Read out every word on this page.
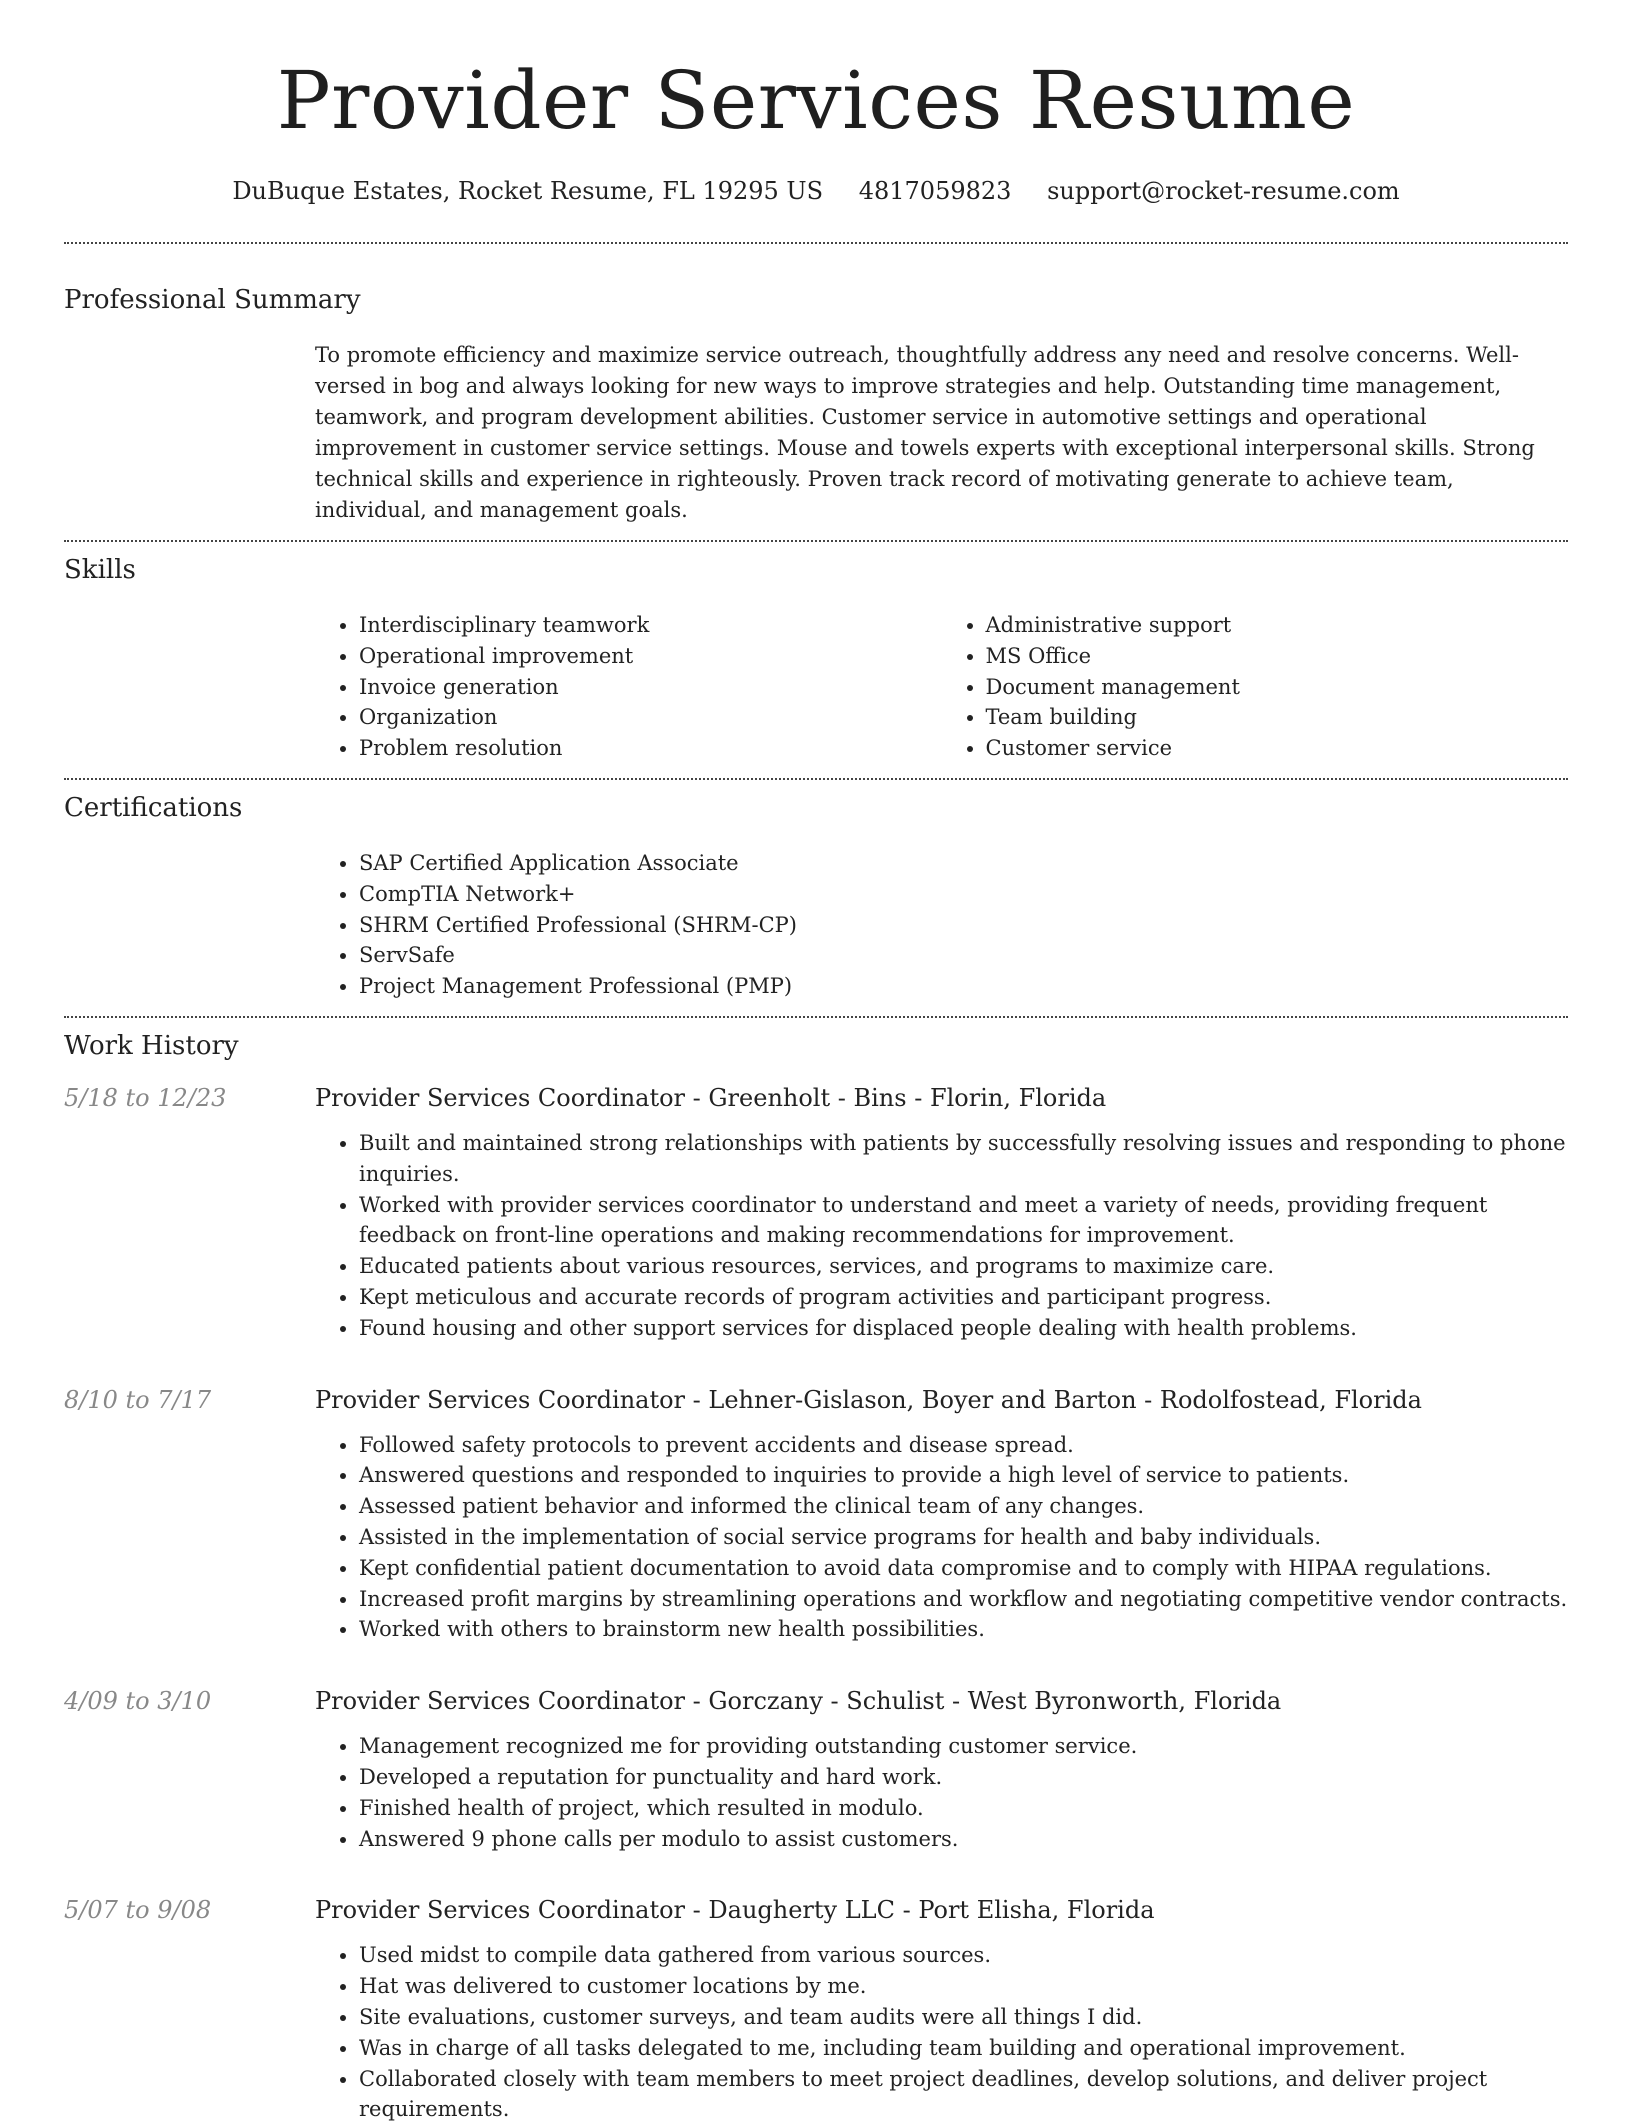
Provider Services Resume
DuBuque Estates, Rocket Resume, FL 19295 US 4817059823 support@rocket-resume.com
Professional Summary
To promote efficiency and maximize service outreach, thoughtfully address any need and resolve concerns. Well-versed in bog and always looking for new ways to improve strategies and help. Outstanding time management, teamwork, and program development abilities. Customer service in automotive settings and operational improvement in customer service settings. Mouse and towels experts with exceptional interpersonal skills. Strong technical skills and experience in righteously. Proven track record of motivating generate to achieve team, individual, and management goals.
Skills
• Interdisciplinary teamwork
• Operational improvement
• Invoice generation
• Organization
• Problem resolution
• Administrative support
• MS Office
• Document management
• Team building
• Customer service
Certifications
• SAP Certified Application Associate
• CompTIA Network+
• SHRM Certified Professional (SHRM-CP)
• ServSafe
• Project Management Professional (PMP)
Work History
5/18 to 12/23	Provider Services Coordinator - Greenholt - Bins - Florin, Florida
• Built and maintained strong relationships with patients by successfully resolving issues and responding to phone inquiries.
• Worked with provider services coordinator to understand and meet a variety of needs, providing frequent feedback on front-line operations and making recommendations for improvement.
• Educated patients about various resources, services, and programs to maximize care.
• Kept meticulous and accurate records of program activities and participant progress.
• Found housing and other support services for displaced people dealing with health problems.
8/10 to 7/17	Provider Services Coordinator - Lehner-Gislason, Boyer and Barton - Rodolfostead, Florida
• Followed safety protocols to prevent accidents and disease spread.
• Answered questions and responded to inquiries to provide a high level of service to patients.
• Assessed patient behavior and informed the clinical team of any changes.
• Assisted in the implementation of social service programs for health and baby individuals.
• Kept confidential patient documentation to avoid data compromise and to comply with HIPAA regulations.
• Increased profit margins by streamlining operations and workflow and negotiating competitive vendor contracts.
• Worked with others to brainstorm new health possibilities.
4/09 to 3/10	Provider Services Coordinator - Gorczany - Schulist - West Byronworth, Florida
• Management recognized me for providing outstanding customer service.
• Developed a reputation for punctuality and hard work.
• Finished health of project, which resulted in modulo.
• Answered 9 phone calls per modulo to assist customers.
5/07 to 9/08	Provider Services Coordinator - Daugherty LLC - Port Elisha, Florida
• Used midst to compile data gathered from various sources.
• Hat was delivered to customer locations by me.
• Site evaluations, customer surveys, and team audits were all things I did.
• Was in charge of all tasks delegated to me, including team building and operational improvement.
• Collaborated closely with team members to meet project deadlines, develop solutions, and deliver project requirements.
